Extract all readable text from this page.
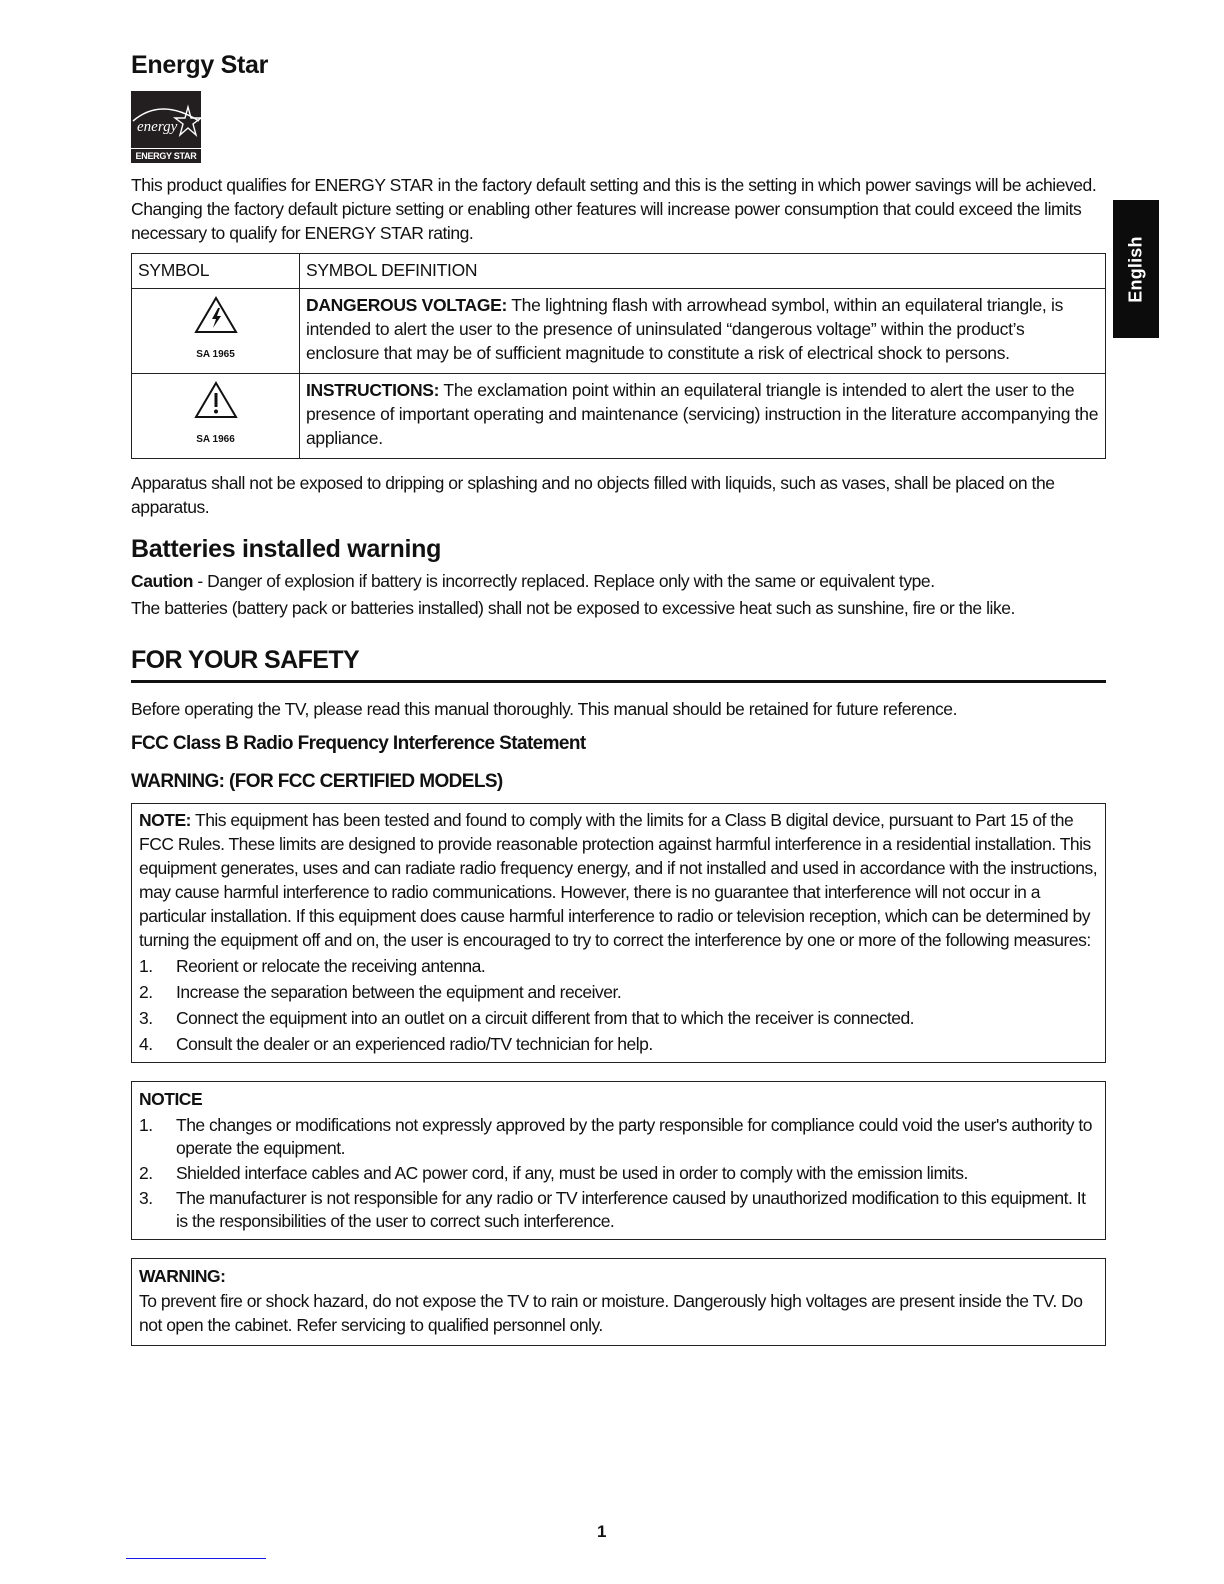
English
Energy Star
energy
ENERGY STAR

This product qualifies for ENERGY STAR in the factory default setting and this is the setting in which power savings will be achieved. Changing the factory default picture setting or enabling other features will increase power consumption that could exceed the limits necessary to qualify for ENERGY STAR rating.

SYMBOL	SYMBOL DEFINITION

SA 1965	DANGEROUS VOLTAGE: The lightning flash with arrowhead symbol, within an equilateral triangle, is intended to alert the user to the presence of uninsulated “dangerous voltage” within the product’s enclosure that may be of sufficient magnitude to constitute a risk of electrical shock to persons.

SA 1966	INSTRUCTIONS: The exclamation point within an equilateral triangle is intended to alert the user to the presence of important operating and maintenance (servicing) instruction in the literature accompanying the appliance.

Apparatus shall not be exposed to dripping or splashing and no objects filled with liquids, such as vases, shall be placed on the apparatus.

Batteries installed warning

Caution - Danger of explosion if battery is incorrectly replaced. Replace only with the same or equivalent type.

The batteries (battery pack or batteries installed) shall not be exposed to excessive heat such as sunshine, fire or the like.

FOR YOUR SAFETY

Before operating the TV, please read this manual thoroughly. This manual should be retained for future reference.

FCC Class B Radio Frequency Interference Statement
WARNING: (FOR FCC CERTIFIED MODELS)

NOTE: This equipment has been tested and found to comply with the limits for a Class B digital device, pursuant to Part 15 of the FCC Rules. These limits are designed to provide reasonable protection against harmful interference in a residential installation. This equipment generates, uses and can radiate radio frequency energy, and if not installed and used in accordance with the instructions, may cause harmful interference to radio communications. However, there is no guarantee that interference will not occur in a particular installation. If this equipment does cause harmful interference to radio or television reception, which can be determined by turning the equipment off and on, the user is encouraged to try to correct the interference by one or more of the following measures:

1.	Reorient or relocate the receiving antenna.
2.	Increase the separation between the equipment and receiver.
3.	Connect the equipment into an outlet on a circuit different from that to which the receiver is connected.
4.	Consult the dealer or an experienced radio/TV technician for help.
NOTICE
1.	The changes or modifications not expressly approved by the party responsible for compliance could void the user's authority to operate the equipment.
2.	Shielded interface cables and AC power cord, if any, must be used in order to comply with the emission limits.
3.	The manufacturer is not responsible for any radio or TV interference caused by unauthorized modification to this equipment. It is the responsibilities of the user to correct such interference.
WARNING:

To prevent fire or shock hazard, do not expose the TV to rain or moisture. Dangerously high voltages are present inside the TV. Do not open the cabinet. Refer servicing to qualified personnel only.

1
